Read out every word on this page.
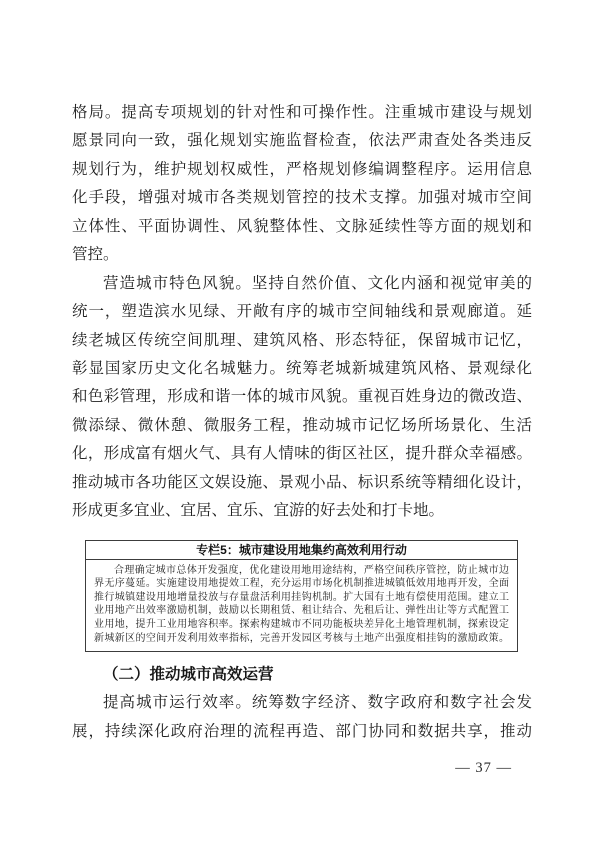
格局。提高专项规划的针对性和可操作性。注重城市建设与规划
愿景同向一致，强化规划实施监督检查，依法严肃查处各类违反
规划行为，维护规划权威性，严格规划修编调整程序。运用信息
化手段，增强对城市各类规划管控的技术支撑。加强对城市空间
立体性、平面协调性、风貌整体性、文脉延续性等方面的规划和
管控。
营造城市特色风貌。坚持自然价值、文化内涵和视觉审美的
统一，塑造滨水见绿、开敞有序的城市空间轴线和景观廊道。延
续老城区传统空间肌理、建筑风格、形态特征，保留城市记忆，
彰显国家历史文化名城魅力。统筹老城新城建筑风格、景观绿化
和色彩管理，形成和谐一体的城市风貌。重视百姓身边的微改造、
微添绿、微休憩、微服务工程，推动城市记忆场所场景化、生活
化，形成富有烟火气、具有人情味的街区社区，提升群众幸福感。
推动城市各功能区文娱设施、景观小品、标识系统等精细化设计，
形成更多宜业、宜居、宜乐、宜游的好去处和打卡地。
专栏5：城市建设用地集约高效利用行动
合理确定城市总体开发强度，优化建设用地用途结构，严格空间秩序管控，防止城市边
界无序蔓延。实施建设用地提效工程，充分运用市场化机制推进城镇低效用地再开发，全面
推行城镇建设用地增量投放与存量盘活利用挂钩机制。扩大国有土地有偿使用范围。建立工
业用地产出效率激励机制，鼓励以长期租赁、租让结合、先租后让、弹性出让等方式配置工
业用地，提升工业用地容积率。探索构建城市不同功能板块差异化土地管理机制，探索设定
新城新区的空间开发利用效率指标，完善开发园区考核与土地产出强度相挂钩的激励政策。
（二）推动城市高效运营
提高城市运行效率。统筹数字经济、数字政府和数字社会发
展，持续深化政府治理的流程再造、部门协同和数据共享，推动
— 37 —
